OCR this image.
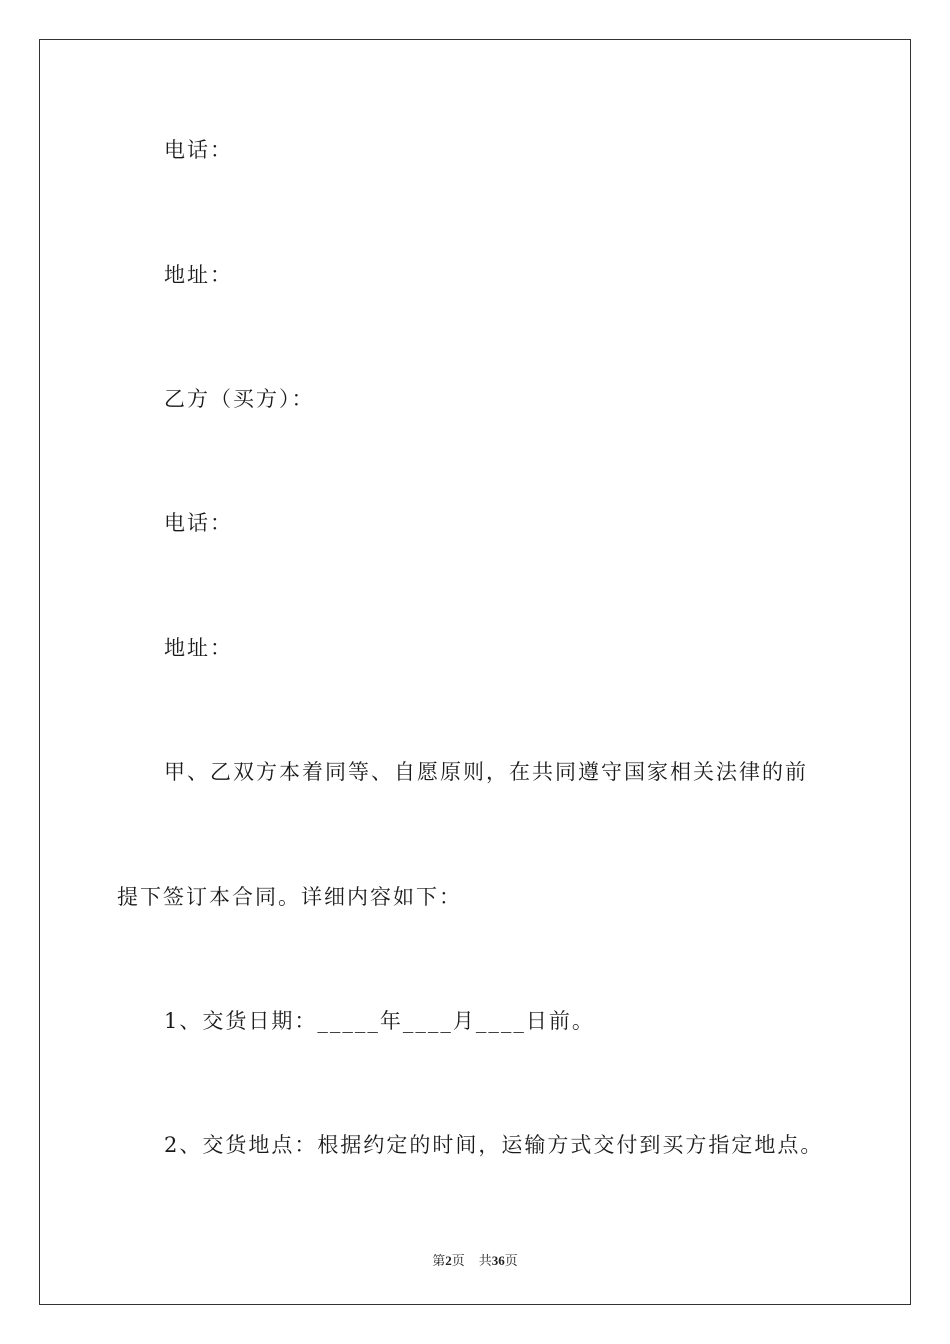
电话：
地址：
乙方（买方）：
电话：
地址：
甲、乙双方本着同等、自愿原则，在共同遵守国家相关法律的前
提下签订本合同。详细内容如下：
1、交货日期：_____年____月____日前。
2、交货地点：根据约定的时间，运输方式交付到买方指定地点。
第2页 共36页
